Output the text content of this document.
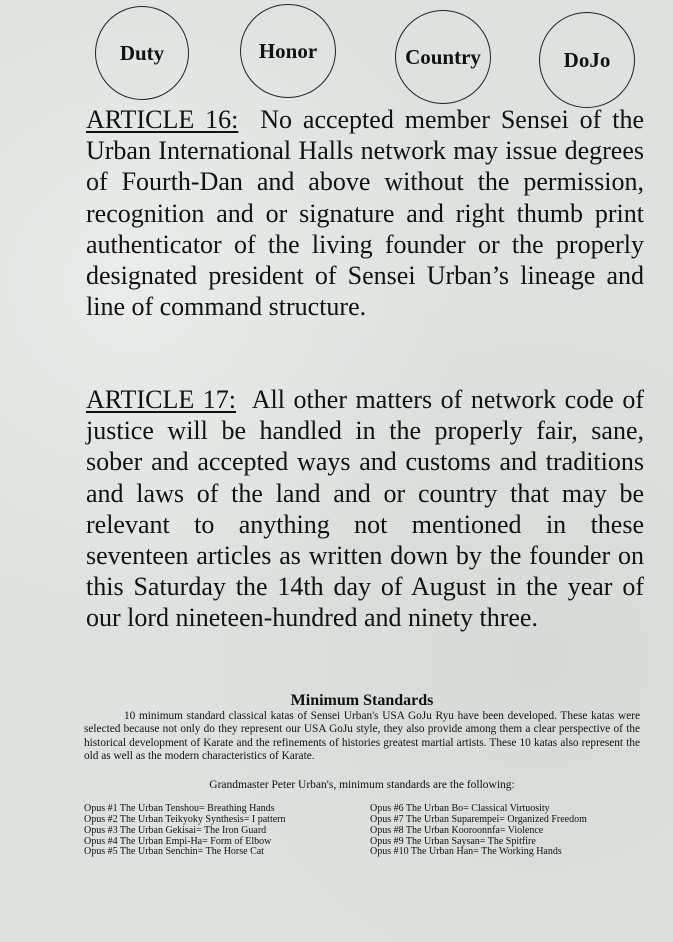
Duty	Honor	Country	DoJo
ARTICLE 16: No accepted member Sensei of the Urban International Halls network may issue degrees of Fourth-Dan and above without the permission, recognition and or signature and right thumb print authenticator of the living founder or the properly designated president of Sensei Urban’s lineage and line of command structure.
ARTICLE 17: All other matters of network code of justice will be handled in the properly fair, sane, sober and accepted ways and customs and traditions and laws of the land and or country that may be relevant to anything not mentioned in these seventeen articles as written down by the founder on this Saturday the 14th day of August in the year of our lord nineteen-hundred and ninety three.
Minimum Standards
10 minimum standard classical katas of Sensei Urban's USA GoJu Ryu have been developed. These katas were selected because not only do they represent our USA GoJu style, they also provide among them a clear perspective of the historical development of Karate and the refinements of histories greatest martial artists. These 10 katas also represent the old as well as the modern characteristics of Karate.
Grandmaster Peter Urban's, minimum standards are the following:
Opus #1 The Urban Tenshou= Breathing Hands
Opus #2 The Urban Teikyoky Synthesis= I pattern
Opus #3 The Urban Gekisai= The Iron Guard
Opus #4 The Urban Empi-Ha= Form of Elbow
Opus #5 The Urban Senchin= The Horse Cat
Opus #6 The Urban Bo= Classical Virtuosity
Opus #7 The Urban Suparempei= Organized Freedom
Opus #8 The Urban Kooroonnfa= Violence
Opus #9 The Urban Saysan= The Spitfire
Opus #10 The Urban Han= The Working Hands
